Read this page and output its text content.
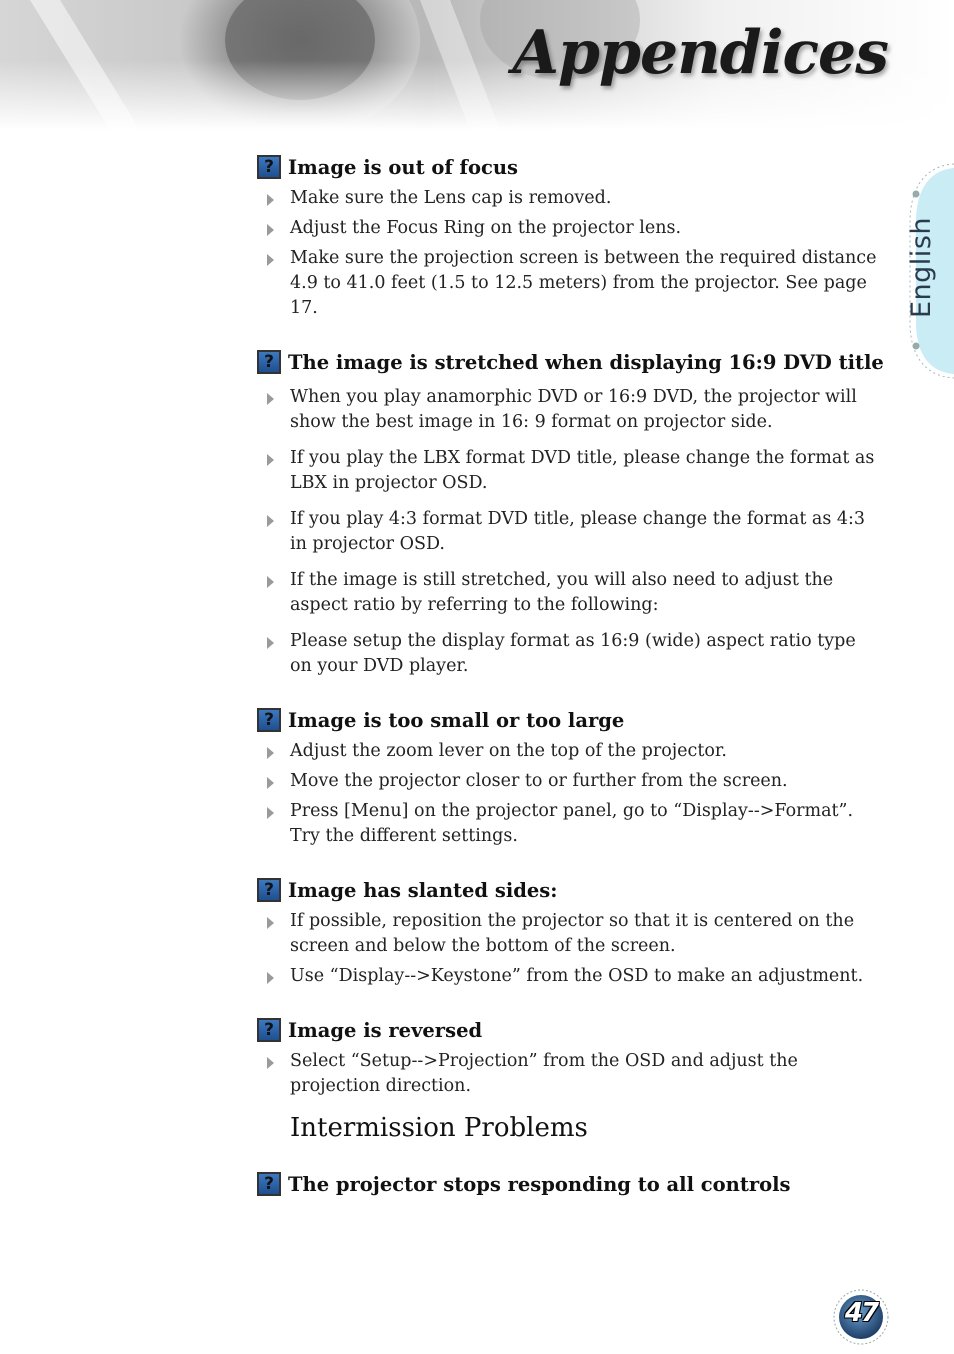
Appendices
English
? Image is out of focus
Make sure the Lens cap is removed.
Adjust the Focus Ring on the projector lens.
Make sure the projection screen is between the required distance 4.9 to 41.0 feet (1.5 to 12.5 meters) from the projector. See page 17.
? The image is stretched when displaying 16:9 DVD title
When you play anamorphic DVD or 16:9 DVD, the projector will show the best image in 16: 9 format on projector side.
If you play the LBX format DVD title, please change the format as LBX in projector OSD.
If you play 4:3 format DVD title, please change the format as 4:3 in projector OSD.
If the image is still stretched, you will also need to adjust the aspect ratio by referring to the following:
Please setup the display format as 16:9 (wide) aspect ratio type on your DVD player.
? Image is too small or too large
Adjust the zoom lever on the top of the projector.
Move the projector closer to or further from the screen.
Press [Menu] on the projector panel, go to “Display-->Format”. Try the different settings.
? Image has slanted sides:
If possible, reposition the projector so that it is centered on the screen and below the bottom of the screen.
Use “Display-->Keystone” from the OSD to make an adjustment.
? Image is reversed
Select “Setup-->Projection” from the OSD and adjust the projection direction.
Intermission Problems
? The projector stops responding to all controls
47
